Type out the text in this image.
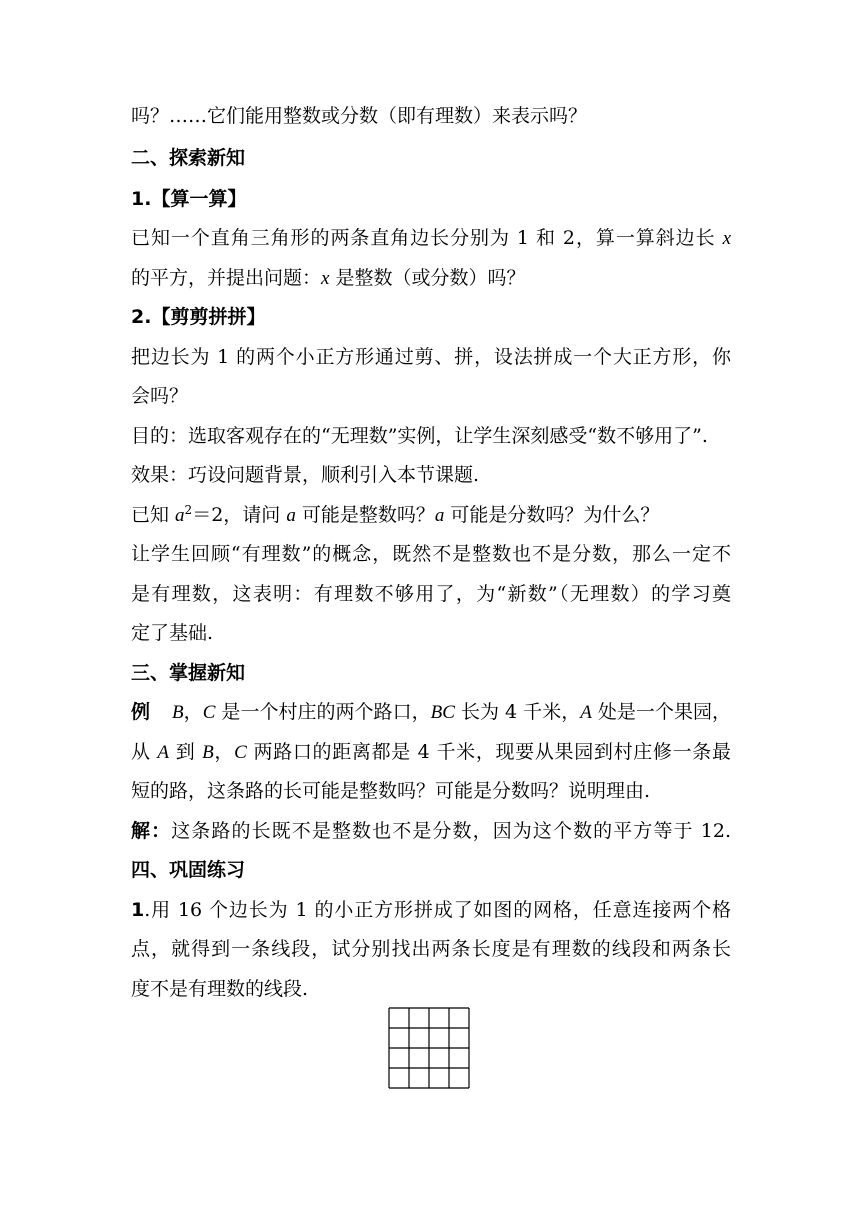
吗？……它们能用整数或分数（即有理数）来表示吗？
二、探索新知
1.【算一算】
已知一个直角三角形的两条直角边长分别为 1 和 2，算一算斜边长 x
的平方，并提出问题：x 是整数（或分数）吗？
2.【剪剪拼拼】
把边长为 1 的两个小正方形通过剪、拼，设法拼成一个大正方形，你
会吗？
目的：选取客观存在的“无理数”实例，让学生深刻感受“数不够用了”.
效果：巧设问题背景，顺利引入本节课题.
已知 $a^2=2$，请问 a 可能是整数吗？a 可能是分数吗？为什么？
让学生回顾“有理数”的概念，既然不是整数也不是分数，那么一定不
是有理数，这表明：有理数不够用了，为“新数”（无理数）的学习奠
定了基础.
三、掌握新知
例 B，C 是一个村庄的两个路口，BC 长为 4 千米，A 处是一个果园，
从 A 到 B，C 两路口的距离都是 4 千米，现要从果园到村庄修一条最
短的路，这条路的长可能是整数吗？可能是分数吗？说明理由.
解：这条路的长既不是整数也不是分数，因为这个数的平方等于 12.
四、巩固练习
1.用 16 个边长为 1 的小正方形拼成了如图的网格，任意连接两个格
点，就得到一条线段，试分别找出两条长度是有理数的线段和两条长
度不是有理数的线段.
